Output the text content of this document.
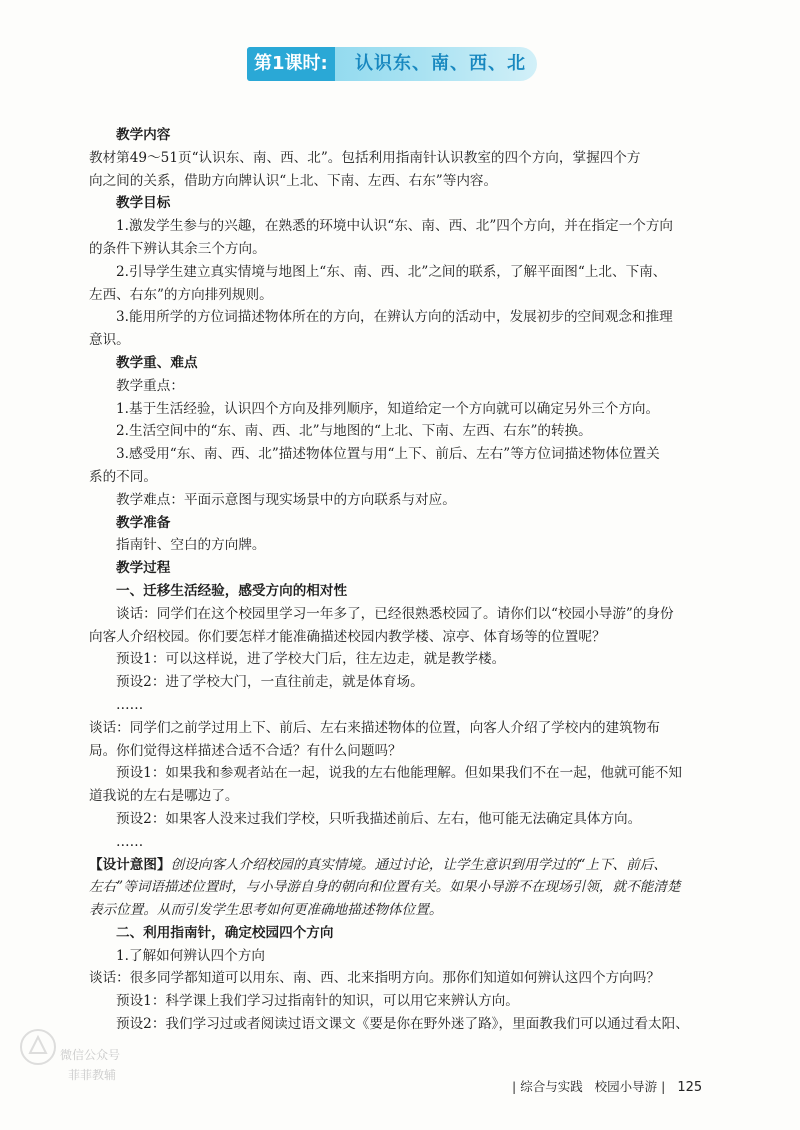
第1课时:	认识东、南、西、北
教学内容
教材第49～51页“认识东、南、西、北”。包括利用指南针认识教室的四个方向，掌握四个方
向之间的关系，借助方向牌认识“上北、下南、左西、右东”等内容。
教学目标
1.激发学生参与的兴趣，在熟悉的环境中认识“东、南、西、北”四个方向，并在指定一个方向
的条件下辨认其余三个方向。
2.引导学生建立真实情境与地图上“东、南、西、北”之间的联系，了解平面图“上北、下南、
左西、右东”的方向排列规则。
3.能用所学的方位词描述物体所在的方向，在辨认方向的活动中，发展初步的空间观念和推理
意识。
教学重、难点
教学重点：
1.基于生活经验，认识四个方向及排列顺序，知道给定一个方向就可以确定另外三个方向。
2.生活空间中的“东、南、西、北”与地图的“上北、下南、左西、右东”的转换。
3.感受用“东、南、西、北”描述物体位置与用“上下、前后、左右”等方位词描述物体位置关
系的不同。
教学难点：平面示意图与现实场景中的方向联系与对应。
教学准备
指南针、空白的方向牌。
教学过程
一、迁移生活经验，感受方向的相对性
谈话：同学们在这个校园里学习一年多了，已经很熟悉校园了。请你们以“校园小导游”的身份
向客人介绍校园。你们要怎样才能准确描述校园内教学楼、凉亭、体育场等的位置呢？
预设1：可以这样说，进了学校大门后，往左边走，就是教学楼。
预设2：进了学校大门，一直往前走，就是体育场。
……
谈话：同学们之前学过用上下、前后、左右来描述物体的位置，向客人介绍了学校内的建筑物布
局。你们觉得这样描述合适不合适？有什么问题吗？
预设1：如果我和参观者站在一起，说我的左右他能理解。但如果我们不在一起，他就可能不知
道我说的左右是哪边了。
预设2：如果客人没来过我们学校，只听我描述前后、左右，他可能无法确定具体方向。
……
【设计意图】创设向客人介绍校园的真实情境。通过讨论，让学生意识到用学过的“上下、前后、
左右”等词语描述位置时，与小导游自身的朝向和位置有关。如果小导游不在现场引领，就不能清楚
表示位置。从而引发学生思考如何更准确地描述物体位置。
二、利用指南针，确定校园四个方向
1.了解如何辨认四个方向
谈话：很多同学都知道可以用东、南、西、北来指明方向。那你们知道如何辨认这四个方向吗？
预设1：科学课上我们学习过指南针的知识，可以用它来辨认方向。
预设2：我们学习过或者阅读过语文课文《要是你在野外迷了路》，里面教我们可以通过看太阳、
微信公众号
菲菲教辅
| 综合与实践 校园小导游 |   125
